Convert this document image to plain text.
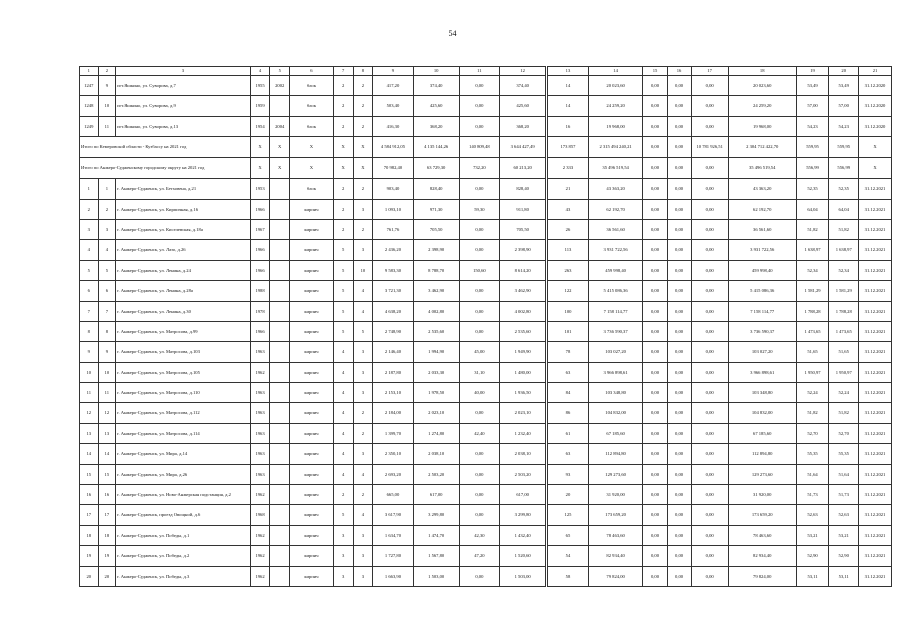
54
1	2	3	4	5	6	7	8	9	10	11	12	13	14	15	16	17	18	19	20	21
1247	9	пгт.Яшкино, ул. Суворова, д.7	1955	2002	блок	2	2	417,20	374,40	0,00	374,40	14	20 023,60	0,00	0,00	0,00	20 023,60	53,49	53,49	31.12.2020
1248	10	пгт.Яшкино, ул. Суворова, д.9	1959		блок	2	2	503,40	425,60	0,00	425,60	14	24 259,20	0,00	0,00	0,00	24 259,20	57,00	57,00	31.12.2020
1249	11	пгт.Яшкино, ул. Суворова, д.13	1954	2004	блок	2	2	416,30	368,20	0,00	368,20	16	19 968,00	0,00	0,00	0,00	19 968,00	54,23	54,23	31.12.2020
Итого по Кемеровской области - Кузбассу на 2021 год			X	X	X	X	X	4 584 912,05	4 135 144,26	140 809,48	3 644 427,49	173 857	2 315 494 240,21	0,00	0,00	10 781 926,51	2 304 712 422,70	559,95	559,95	X
Итого по Анжеро-Судженскому городскому округу на 2021 год			X	X	X	X	X	70 982,40	63 729,30	732,20	60 213,20	2 333	35 496 519,54	0,00	0,00	0,00	35 496 519,54	556,99	556,99	X
1	1	г. Анжеро-Судженск, ул. Бетховена, д.21	1953		блок	2	2	903,40	828,40	0,00	828,40	21	43 363,20	0,00	0,00	0,00	43 363,20	52,35	52,35	31.12.2021
2	2	г. Анжеро-Судженск, ул. Кирпичная, д.16	1966		кирпич	2	3	1 093,10	971,30	59,30	911,80	43	62 192,70	0,00	0,00	0,00	62 192,70	64,04	64,04	31.12.2021
3	3	г. Анжеро-Судженск, ул. Киселевская, д.18а	1967		кирпич	2	2	761,76	705,50	0,00	705,50	26	36 561,60	0,00	0,00	0,00	36 561,60	51,82	51,82	31.12.2021
4	4	г. Анжеро-Судженск, ул. Лазо, д.26	1966		кирпич	5	3	2 436,20	2 398,90	0,00	2 398,90	113	3 931 722,56	0,00	0,00	0,00	3 931 722,56	1 638,97	1 638,97	31.12.2021
5	5	г. Анжеро-Судженск, ул. Ленина, д.24	1966		кирпич	5	10	9 583,30	8 788,70	150,60	8 614,20	263	459 998,40	0,00	0,00	0,00	459 998,40	52,34	52,34	31.12.2021
6	6	г. Анжеро-Судженск, ул. Ленина, д.28а	1988		кирпич	5	4	3 721,30	3 462,90	0,00	3 462,90	122	5 415 086,36	0,00	0,00	0,00	5 415 086,36	1 581,29	1 581,29	31.12.2021
7	7	г. Анжеро-Судженск, ул. Ленина, д.30	1978		кирпич	5	4	4 638,20	4 002,80	0,00	4 002,80	100	7 158 114,77	0,00	0,00	0,00	7 158 114,77	1 788,28	1 788,28	31.12.2021
8	8	г. Анжеро-Судженск, ул. Матросова, д.99	1966		кирпич	5	5	2 748,90	2 535,60	0,00	2 535,60	101	3 736 590,37	0,00	0,00	0,00	3 736 590,37	1 473,65	1 473,65	31.12.2021
9	9	г. Анжеро-Судженск, ул. Матросова, д.103	1963		кирпич	4	3	2 146,40	1 994,90	45,00	1 949,90	78	103 027,20	0,00	0,00	0,00	103 027,20	51,65	51,65	31.12.2021
10	10	г. Анжеро-Судженск, ул. Матросова, д.105	1962		кирпич	4	3	2 187,80	2 033,30	31,10	1 480,00	63	3 966 898,61	0,00	0,00	0,00	3 966 898,61	1 950,97	1 950,97	31.12.2021
11	11	г. Анжеро-Судженск, ул. Матросова, д.110	1963		кирпич	4	3	2 153,10	1 978,50	40,00	1 936,50	84	103 348,80	0,00	0,00	0,00	103 348,80	52,24	52,24	31.12.2021
12	12	г. Анжеро-Судженск, ул. Матросова, д.112	1963		кирпич	4	2	2 184,00	2 023,10	0,00	2 023,10	86	104 832,00	0,00	0,00	0,00	104 832,00	51,82	51,82	31.12.2021
13	13	г. Анжеро-Судженск, ул. Матросова, д.114	1963		кирпич	4	2	1 399,70	1 274,80	42,40	1 232,40	61	67 185,60	0,00	0,00	0,00	67 185,60	52,70	52,70	31.12.2021
14	14	г. Анжеро-Судженск, ул. Мира, д.14	1963		кирпич	4	3	2 350,10	2 038,10	0,00	2 038,10	63	112 894,80	0,00	0,00	0,00	112 894,80	55,35	55,35	31.12.2021
15	15	г. Анжеро-Судженск, ул. Мира, д.26	1963		кирпич	4	4	2 693,20	2 503,20	0,00	2 503,20	93	129 273,60	0,00	0,00	0,00	129 273,60	51,64	51,64	31.12.2021
16	16	г. Анжеро-Судженск, ул. Ново-Анжерская подстанция, д.2	1962		кирпич	2	2	665,00	617,00	0,00	617,00	20	31 920,00	0,00	0,00	0,00	31 920,00	51,73	51,73	31.12.2021
17	17	г. Анжеро-Судженск, проезд Овощной, д.6	1968		кирпич	5	4	3 617,90	3 299,80	0,00	3 299,80	125	173 659,20	0,00	0,00	0,00	173 659,20	52,63	52,63	31.12.2021
18	18	г. Анжеро-Судженск, ул. Победы, д.1	1962		кирпич	3	3	1 634,70	1 474,70	42,30	1 432,40	65	78 463,60	0,00	0,00	0,00	78 463,60	53,21	53,21	31.12.2021
19	19	г. Анжеро-Судженск, ул. Победы, д.2	1962		кирпич	3	3	1 727,80	1 567,80	47,20	1 520,60	54	82 934,40	0,00	0,00	0,00	82 934,40	52,90	52,90	31.12.2021
20	20	г. Анжеро-Судженск, ул. Победы, д.3	1962		кирпич	3	3	1 663,90	1 503,00	0,00	1 503,00	58	79 824,00	0,00	0,00	0,00	79 824,00	53,11	53,11	31.12.2021
